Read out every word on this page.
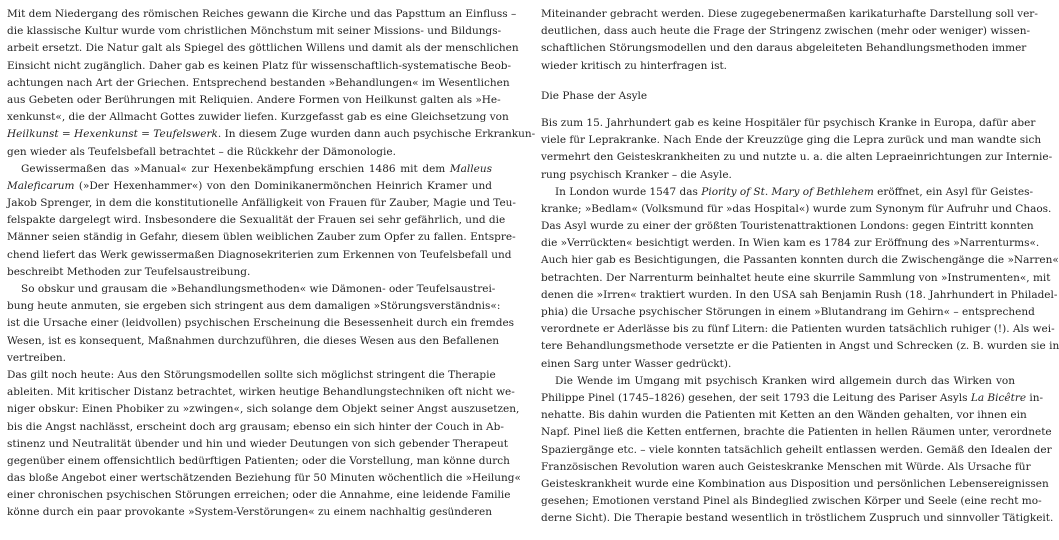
Mit dem Niedergang des römischen Reiches gewann die Kirche und das Papsttum an Einfluss –
die klassische Kultur wurde vom christlichen Mönchstum mit seiner Missions- und Bildungs-
arbeit ersetzt. Die Natur galt als Spiegel des göttlichen Willens und damit als der menschlichen
Einsicht nicht zugänglich. Daher gab es keinen Platz für wissenschaftlich-systematische Beob-
achtungen nach Art der Griechen. Entsprechend bestanden »Behandlungen« im Wesentlichen
aus Gebeten oder Berührungen mit Reliquien. Andere Formen von Heilkunst galten als »He-
xenkunst«, die der Allmacht Gottes zuwider liefen. Kurzgefasst gab es eine Gleichsetzung von
Heilkunst = Hexenkunst = Teufelswerk. In diesem Zuge wurden dann auch psychische Erkrankun-
gen wieder als Teufelsbefall betrachtet – die Rückkehr der Dämonologie.
Gewissermaßen das »Manual« zur Hexenbekämpfung erschien 1486 mit dem Malleus
Maleficarum (»Der Hexenhammer«) von den Dominikanermönchen Heinrich Kramer und
Jakob Sprenger, in dem die konstitutionelle Anfälligkeit von Frauen für Zauber, Magie und Teu-
felspakte dargelegt wird. Insbesondere die Sexualität der Frauen sei sehr gefährlich, und die
Männer seien ständig in Gefahr, diesem üblen weiblichen Zauber zum Opfer zu fallen. Entspre-
chend liefert das Werk gewissermaßen Diagnosekriterien zum Erkennen von Teufelsbefall und
beschreibt Methoden zur Teufelsaustreibung.
So obskur und grausam die »Behandlungsmethoden« wie Dämonen- oder Teufelsaustrei-
bung heute anmuten, sie ergeben sich stringent aus dem damaligen »Störungsverständnis«:
ist die Ursache einer (leidvollen) psychischen Erscheinung die Besessenheit durch ein fremdes
Wesen, ist es konsequent, Maßnahmen durchzuführen, die dieses Wesen aus den Befallenen
vertreiben.
Das gilt noch heute: Aus den Störungsmodellen sollte sich möglichst stringent die Therapie
ableiten. Mit kritischer Distanz betrachtet, wirken heutige Behandlungstechniken oft nicht we-
niger obskur: Einen Phobiker zu »zwingen«, sich solange dem Objekt seiner Angst auszusetzen,
bis die Angst nachlässt, erscheint doch arg grausam; ebenso ein sich hinter der Couch in Ab-
stinenz und Neutralität übender und hin und wieder Deutungen von sich gebender Therapeut
gegenüber einem offensichtlich bedürftigen Patienten; oder die Vorstellung, man könne durch
das bloße Angebot einer wertschätzenden Beziehung für 50 Minuten wöchentlich die »Heilung«
einer chronischen psychischen Störungen erreichen; oder die Annahme, eine leidende Familie
könne durch ein paar provokante »System-Verstörungen« zu einem nachhaltig gesünderen
Miteinander gebracht werden. Diese zugegebenermaßen karikaturhafte Darstellung soll ver-
deutlichen, dass auch heute die Frage der Stringenz zwischen (mehr oder weniger) wissen-
schaftlichen Störungsmodellen und den daraus abgeleiteten Behandlungsmethoden immer
wieder kritisch zu hinterfragen ist.
Die Phase der Asyle
Bis zum 15. Jahrhundert gab es keine Hospitäler für psychisch Kranke in Europa, dafür aber
viele für Leprakranke. Nach Ende der Kreuzzüge ging die Lepra zurück und man wandte sich
vermehrt den Geisteskrankheiten zu und nutzte u. a. die alten Lepraeinrichtungen zur Internie-
rung psychisch Kranker – die Asyle.
In London wurde 1547 das Piority of St. Mary of Bethlehem eröffnet, ein Asyl für Geistes-
kranke; »Bedlam« (Volksmund für »das Hospital«) wurde zum Synonym für Aufruhr und Chaos.
Das Asyl wurde zu einer der größten Touristenattraktionen Londons: gegen Eintritt konnten
die »Verrückten« besichtigt werden. In Wien kam es 1784 zur Eröffnung des »Narrenturms«.
Auch hier gab es Besichtigungen, die Passanten konnten durch die Zwischengänge die »Narren«
betrachten. Der Narrenturm beinhaltet heute eine skurrile Sammlung von »Instrumenten«, mit
denen die »Irren« traktiert wurden. In den USA sah Benjamin Rush (18. Jahrhundert in Philadel-
phia) die Ursache psychischer Störungen in einem »Blutandrang im Gehirn« – entsprechend
verordnete er Aderlässe bis zu fünf Litern: die Patienten wurden tatsächlich ruhiger (!). Als wei-
tere Behandlungsmethode versetzte er die Patienten in Angst und Schrecken (z. B. wurden sie in
einen Sarg unter Wasser gedrückt).
Die Wende im Umgang mit psychisch Kranken wird allgemein durch das Wirken von
Philippe Pinel (1745–1826) gesehen, der seit 1793 die Leitung des Pariser Asyls La Bicêtre in-
nehatte. Bis dahin wurden die Patienten mit Ketten an den Wänden gehalten, vor ihnen ein
Napf. Pinel ließ die Ketten entfernen, brachte die Patienten in hellen Räumen unter, verordnete
Spaziergänge etc. – viele konnten tatsächlich geheilt entlassen werden. Gemäß den Idealen der
Französischen Revolution waren auch Geisteskranke Menschen mit Würde. Als Ursache für
Geisteskrankheit wurde eine Kombination aus Disposition und persönlichen Lebensereignissen
gesehen; Emotionen verstand Pinel als Bindeglied zwischen Körper und Seele (eine recht mo-
derne Sicht). Die Therapie bestand wesentlich in tröstlichem Zuspruch und sinnvoller Tätigkeit.
